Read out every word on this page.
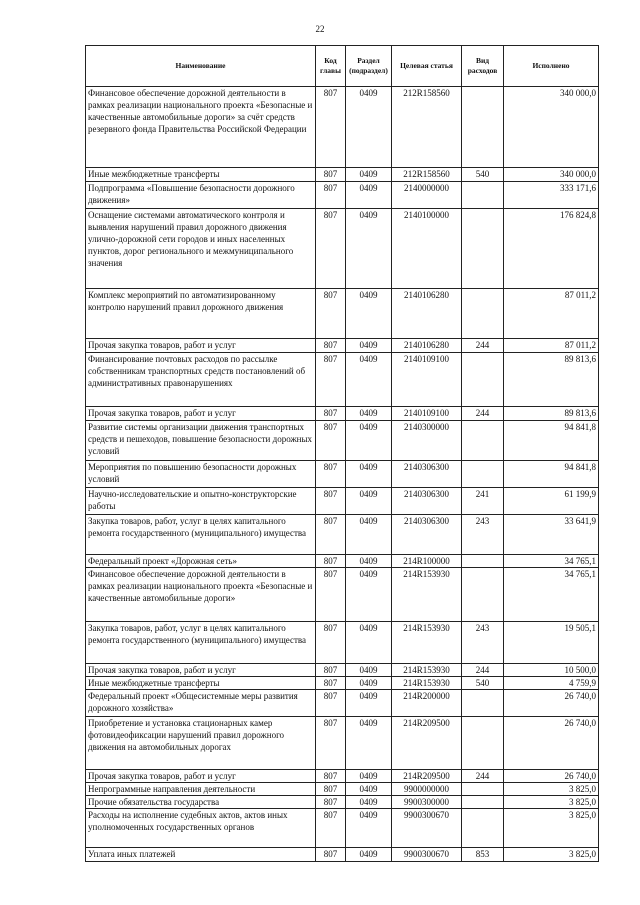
22
Наименование	Код главы	Раздел (подраздел)	Целевая статья	Вид расходов	Исполнено
Финансовое обеспечение дорожной деятельности в рамках реализации национального проекта «Безопасные и качественные автомобильные дороги» за счёт средств резервного фонда Правительства Российской Федерации	807	0409	212R158560		340 000,0
Иные межбюджетные трансферты	807	0409	212R158560	540	340 000,0
Подпрограмма «Повышение безопасности дорожного движения»	807	0409	2140000000		333 171,6
Оснащение системами автоматического контроля и выявления нарушений правил дорожного движения улично-дорожной сети городов и иных населенных пунктов, дорог регионального и межмуниципального значения	807	0409	2140100000		176 824,8
Комплекс мероприятий по автоматизированному контролю нарушений правил дорожного движения	807	0409	2140106280		87 011,2
Прочая закупка товаров, работ и услуг	807	0409	2140106280	244	87 011,2
Финансирование почтовых расходов по рассылке собственникам транспортных средств постановлений об административных правонарушениях	807	0409	2140109100		89 813,6
Прочая закупка товаров, работ и услуг	807	0409	2140109100	244	89 813,6
Развитие системы организации движения транспортных средств и пешеходов, повышение безопасности дорожных условий	807	0409	2140300000		94 841,8
Мероприятия по повышению безопасности дорожных условий	807	0409	2140306300		94 841,8
Научно-исследовательские и опытно-конструкторские работы	807	0409	2140306300	241	61 199,9
Закупка товаров, работ, услуг в целях капитального ремонта государственного (муниципального) имущества	807	0409	2140306300	243	33 641,9
Федеральный проект «Дорожная сеть»	807	0409	214R100000		34 765,1
Финансовое обеспечение дорожной деятельности в рамках реализации национального проекта «Безопасные и качественные автомобильные дороги»	807	0409	214R153930		34 765,1
Закупка товаров, работ, услуг в целях капитального ремонта государственного (муниципального) имущества	807	0409	214R153930	243	19 505,1
Прочая закупка товаров, работ и услуг	807	0409	214R153930	244	10 500,0
Иные межбюджетные трансферты	807	0409	214R153930	540	4 759,9
Федеральный проект «Общесистемные меры развития дорожного хозяйства»	807	0409	214R200000		26 740,0
Приобретение и установка стационарных камер фотовидеофиксации нарушений правил дорожного движения на автомобильных дорогах	807	0409	214R209500		26 740,0
Прочая закупка товаров, работ и услуг	807	0409	214R209500	244	26 740,0
Непрограммные направления деятельности	807	0409	9900000000		3 825,0
Прочие обязательства государства	807	0409	9900300000		3 825,0
Расходы на исполнение судебных актов, актов иных уполномоченных государственных органов	807	0409	9900300670		3 825,0
Уплата иных платежей	807	0409	9900300670	853	3 825,0
